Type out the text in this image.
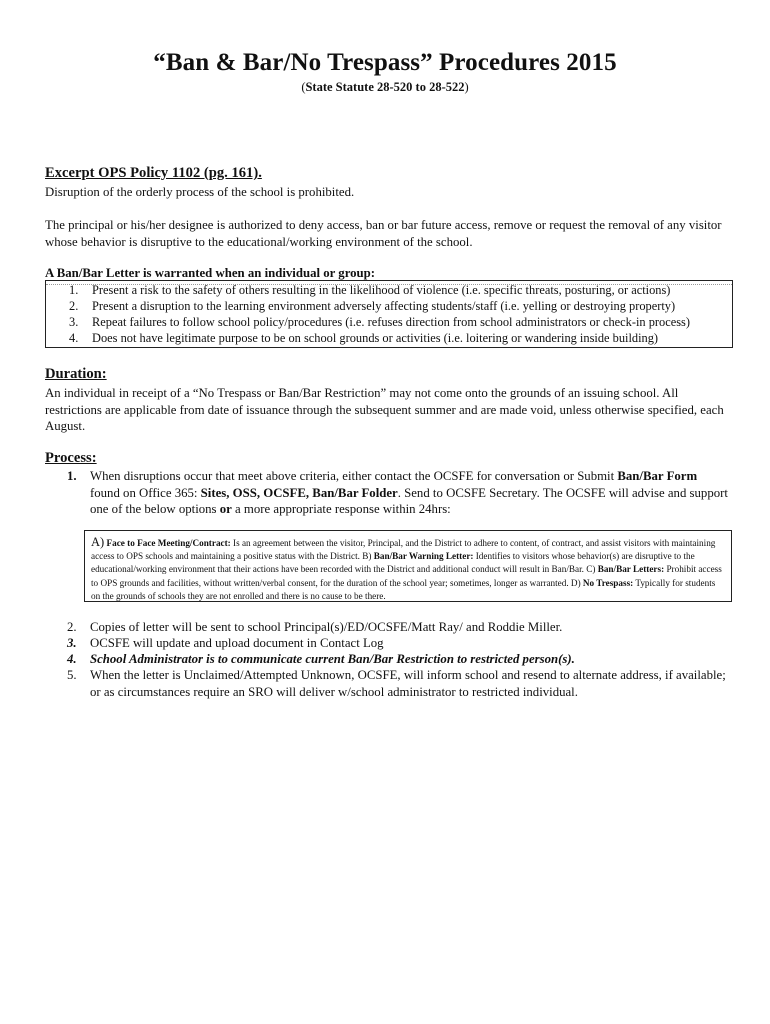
“Ban & Bar/No Trespass” Procedures 2015
(State Statute 28-520 to 28-522)
Excerpt OPS Policy 1102 (pg. 161).
Disruption of the orderly process of the school is prohibited.
The principal or his/her designee is authorized to deny access, ban or bar future access, remove or request the removal of any visitor whose behavior is disruptive to the educational/working environment of the school.
A Ban/Bar Letter is warranted when an individual or group:
1. Present a risk to the safety of others resulting in the likelihood of violence (i.e. specific threats, posturing, or actions)
2. Present a disruption to the learning environment adversely affecting students/staff (i.e. yelling or destroying property)
3. Repeat failures to follow school policy/procedures (i.e. refuses direction from school administrators or check-in process)
4. Does not have legitimate purpose to be on school grounds or activities (i.e. loitering or wandering inside building)
Duration:
An individual in receipt of a “No Trespass or Ban/Bar Restriction” may not come onto the grounds of an issuing school. All restrictions are applicable from date of issuance through the subsequent summer and are made void, unless otherwise specified, each August.
Process:
1. When disruptions occur that meet above criteria, either contact the OCSFE for conversation or Submit Ban/Bar Form found on Office 365: Sites, OSS, OCSFE, Ban/Bar Folder. Send to OCSFE Secretary. The OCSFE will advise and support one of the below options or a more appropriate response within 24hrs:
A) Face to Face Meeting/Contract: Is an agreement between the visitor, Principal, and the District to adhere to content, of contract, and assist visitors with maintaining access to OPS schools and maintaining a positive status with the District. B) Ban/Bar Warning Letter: Identifies to visitors whose behavior(s) are disruptive to the educational/working environment that their actions have been recorded with the District and additional conduct will result in Ban/Bar. C) Ban/Bar Letters: Prohibit access to OPS grounds and facilities, without written/verbal consent, for the duration of the school year; sometimes, longer as warranted. D) No Trespass: Typically for students on the grounds of schools they are not enrolled and there is no cause to be there.
2. Copies of letter will be sent to school Principal(s)/ED/OCSFE/Matt Ray/ and Roddie Miller.
3. OCSFE will update and upload document in Contact Log
4. School Administrator is to communicate current Ban/Bar Restriction to restricted person(s).
5. When the letter is Unclaimed/Attempted Unknown, OCSFE, will inform school and resend to alternate address, if available; or as circumstances require an SRO will deliver w/school administrator to restricted individual.
